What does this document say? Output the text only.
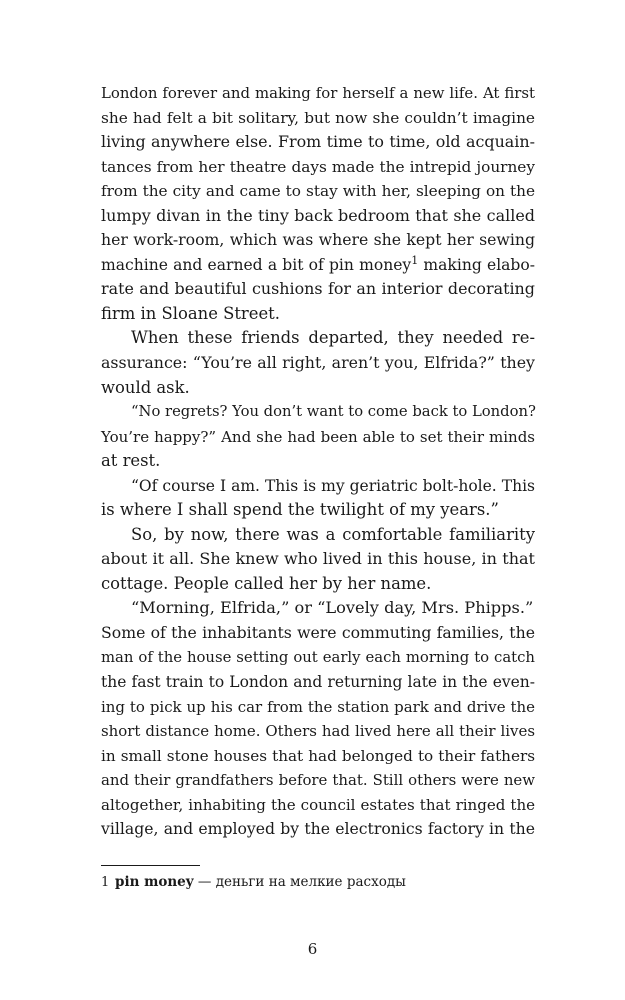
London forever and making for herself a new life. At first
she had felt a bit solitary, but now she couldn’t imagine
living anywhere else. From time to time, old acquain-
tances from her theatre days made the intrepid journey
from the city and came to stay with her, sleeping on the
lumpy divan in the tiny back bedroom that she called
her work-room, which was where she kept her sewing
machine and earned a bit of pin money$^1$ making elabo-
rate and beautiful cushions for an interior decorating
firm in Sloane Street.
When these friends departed, they needed re-
assurance: “You’re all right, aren’t you, Elfrida?” they
would ask.
“No regrets? You don’t want to come back to London?
You’re happy?” And she had been able to set their minds
at rest.
“Of course I am. This is my geriatric bolt-hole. This
is where I shall spend the twilight of my years.”
So, by now, there was a comfortable familiarity
about it all. She knew who lived in this house, in that
cottage. People called her by her name.
“Morning, Elfrida,” or “Lovely day, Mrs. Phipps.”
Some of the inhabitants were commuting families, the
man of the house setting out early each morning to catch
the fast train to London and returning late in the even-
ing to pick up his car from the station park and drive the
short distance home. Others had lived here all their lives
in small stone houses that had belonged to their fathers
and their grandfathers before that. Still others were new
altogether, inhabiting the council estates that ringed the
village, and employed by the electronics factory in the
1 pin money — деньги на мелкие расходы
6
